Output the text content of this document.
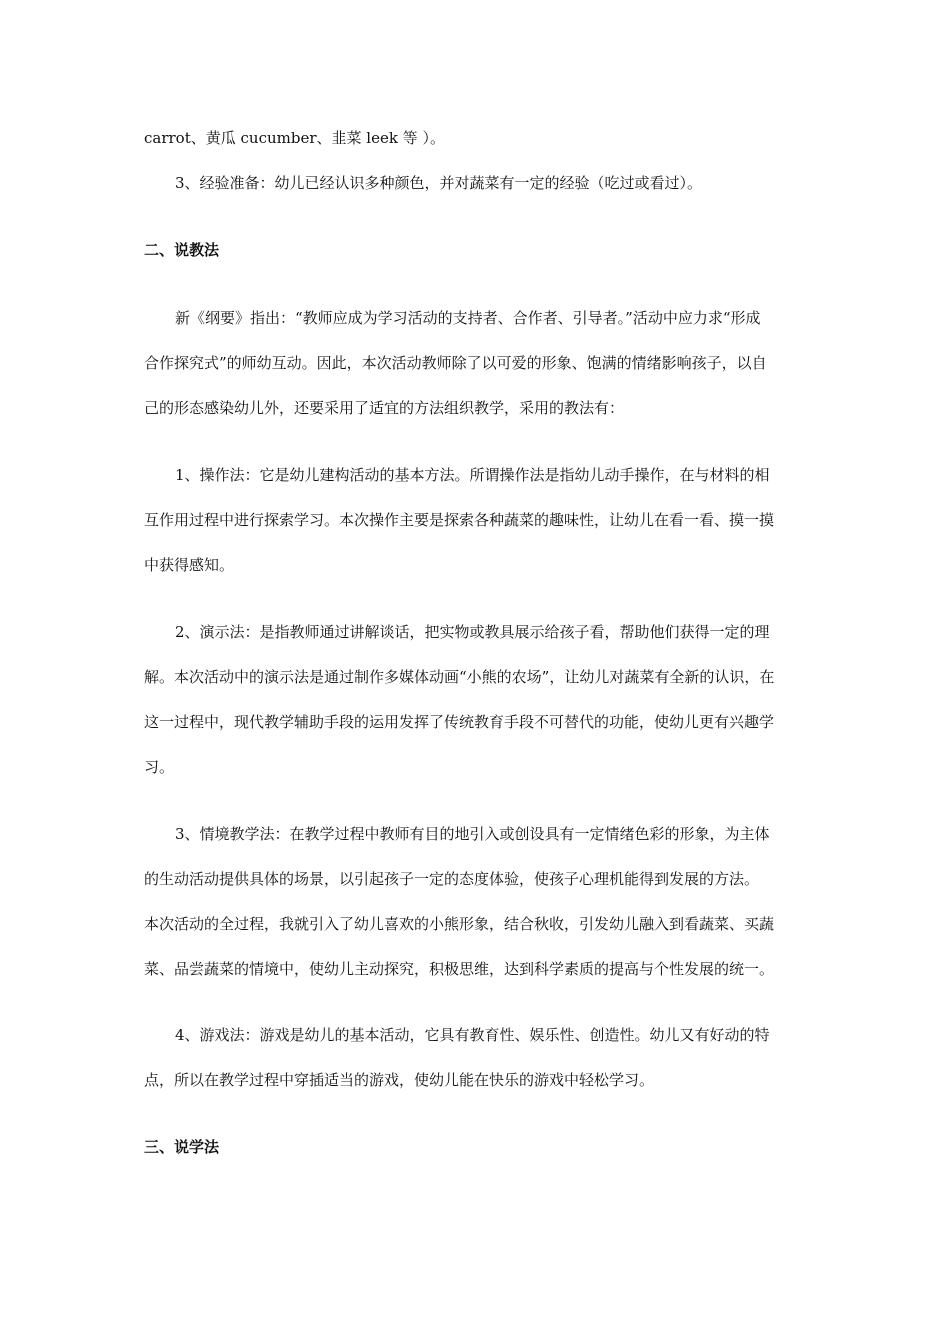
carrot、黄瓜 cucumber、韭菜 leek 等 ）。

3、经验准备：幼儿已经认识多种颜色，并对蔬菜有一定的经验（吃过或看过）。

二、说教法

新《纲要》指出：“教师应成为学习活动的支持者、合作者、引导者。”活动中应力求“形成

合作探究式”的师幼互动。因此，本次活动教师除了以可爱的形象、饱满的情绪影响孩子，以自

己的形态感染幼儿外，还要采用了适宜的方法组织教学，采用的教法有：

1、操作法：它是幼儿建构活动的基本方法。所谓操作法是指幼儿动手操作，在与材料的相

互作用过程中进行探索学习。本次操作主要是探索各种蔬菜的趣味性，让幼儿在看一看、摸一摸

中获得感知。

2、演示法：是指教师通过讲解谈话，把实物或教具展示给孩子看，帮助他们获得一定的理

解。本次活动中的演示法是通过制作多媒体动画“小熊的农场”，让幼儿对蔬菜有全新的认识，在

这一过程中，现代教学辅助手段的运用发挥了传统教育手段不可替代的功能，使幼儿更有兴趣学

习。

3、情境教学法：在教学过程中教师有目的地引入或创设具有一定情绪色彩的形象，为主体

的生动活动提供具体的场景，以引起孩子一定的态度体验，使孩子心理机能得到发展的方法。

本次活动的全过程，我就引入了幼儿喜欢的小熊形象，结合秋收，引发幼儿融入到看蔬菜、买蔬

菜、品尝蔬菜的情境中，使幼儿主动探究，积极思维，达到科学素质的提高与个性发展的统一。

4、游戏法：游戏是幼儿的基本活动，它具有教育性、娱乐性、创造性。幼儿又有好动的特

点，所以在教学过程中穿插适当的游戏，使幼儿能在快乐的游戏中轻松学习。

三、说学法
